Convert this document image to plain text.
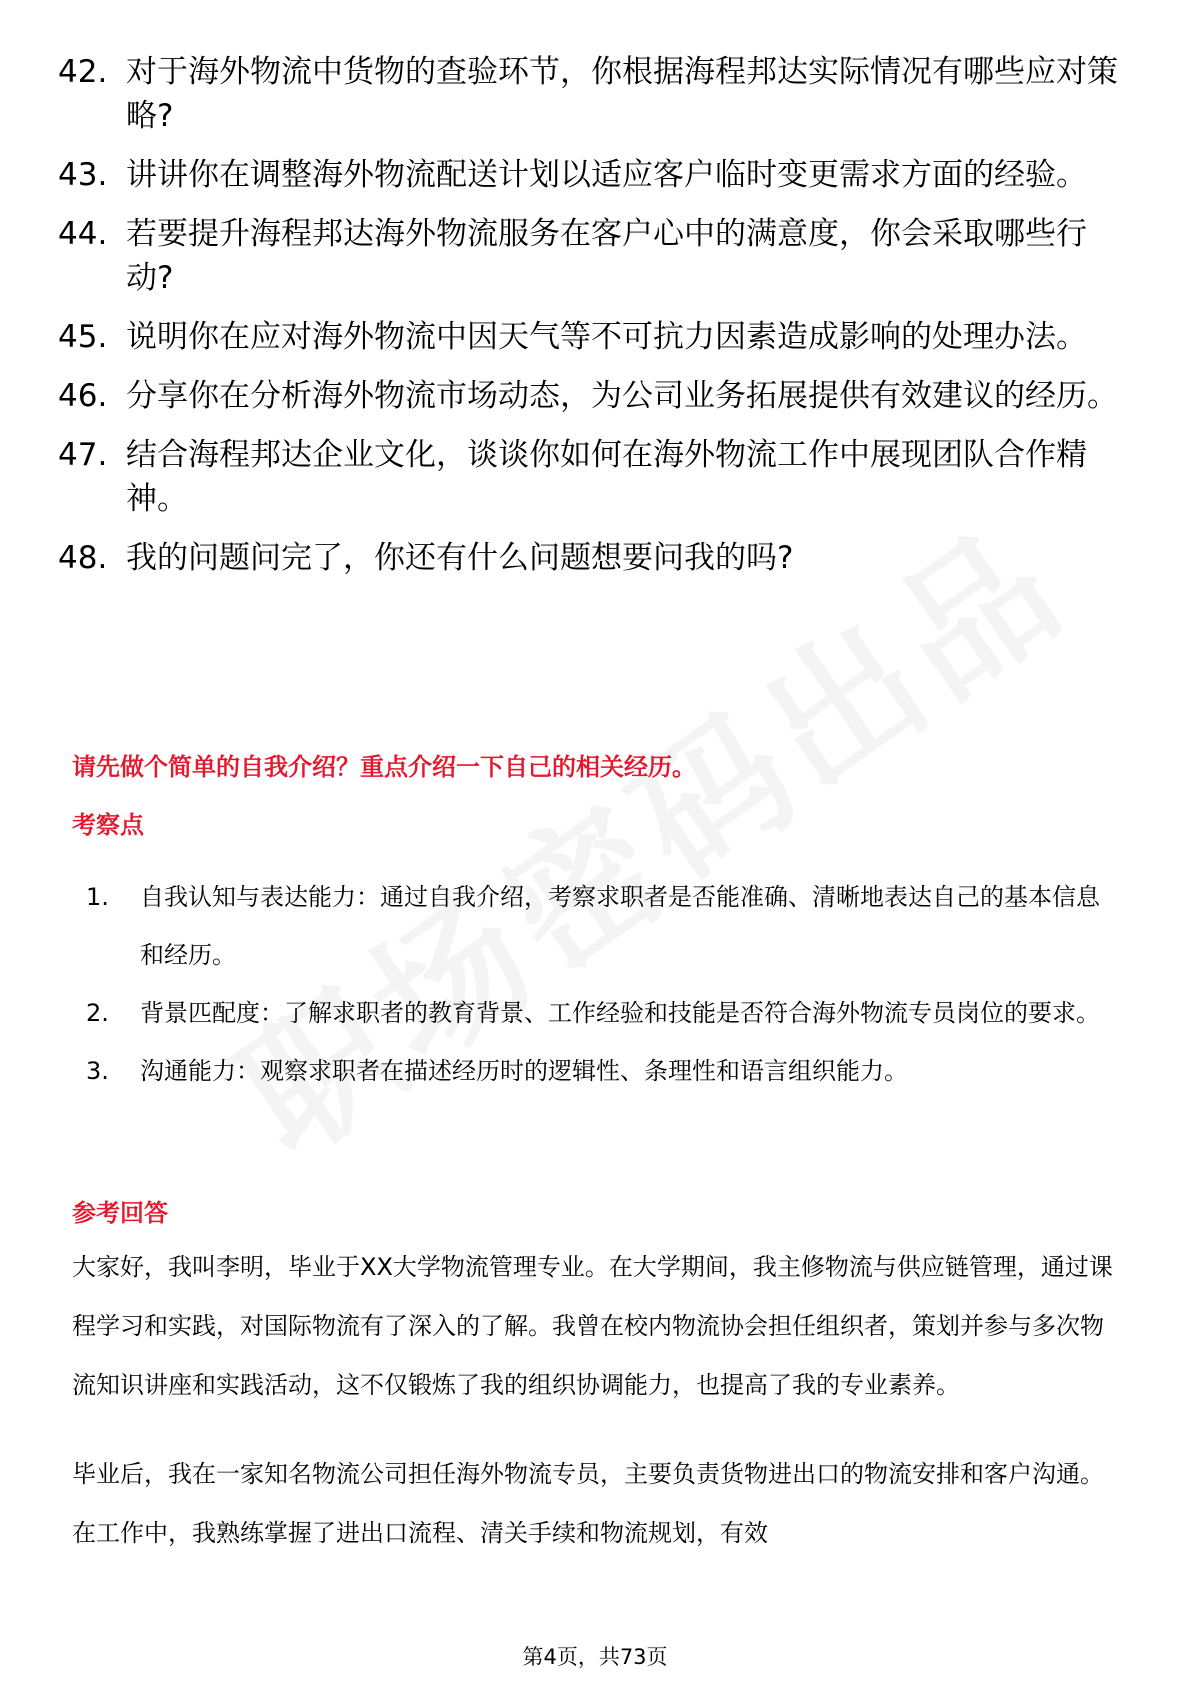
42. 对于海外物流中货物的查验环节，你根据海程邦达实际情况有哪些应对策略?
43. 讲讲你在调整海外物流配送计划以适应客户临时变更需求方面的经验。
44. 若要提升海程邦达海外物流服务在客户心中的满意度，你会采取哪些行动?
45. 说明你在应对海外物流中因天气等不可抗力因素造成影响的处理办法。
46. 分享你在分析海外物流市场动态，为公司业务拓展提供有效建议的经历。
47. 结合海程邦达企业文化，谈谈你如何在海外物流工作中展现团队合作精神。
48. 我的问题问完了，你还有什么问题想要问我的吗?
请先做个简单的自我介绍？重点介绍一下自己的相关经历。
考察点
1.	自我认知与表达能力：通过自我介绍，考察求职者是否能准确、清晰地表达自己的基本信息和经历。
2.	背景匹配度：了解求职者的教育背景、工作经验和技能是否符合海外物流专员岗位的要求。
3.	沟通能力：观察求职者在描述经历时的逻辑性、条理性和语言组织能力。
参考回答

大家好，我叫李明，毕业于XX大学物流管理专业。在大学期间，我主修物流与供应链管理，通过课程学习和实践，对国际物流有了深入的了解。我曾在校内物流协会担任组织者，策划并参与多次物流知识讲座和实践活动，这不仅锻炼了我的组织协调能力，也提高了我的专业素养。

毕业后，我在一家知名物流公司担任海外物流专员，主要负责货物进出口的物流安排和客户沟通。在工作中，我熟练掌握了进出口流程、清关手续和物流规划，有效

第4页，共73页
